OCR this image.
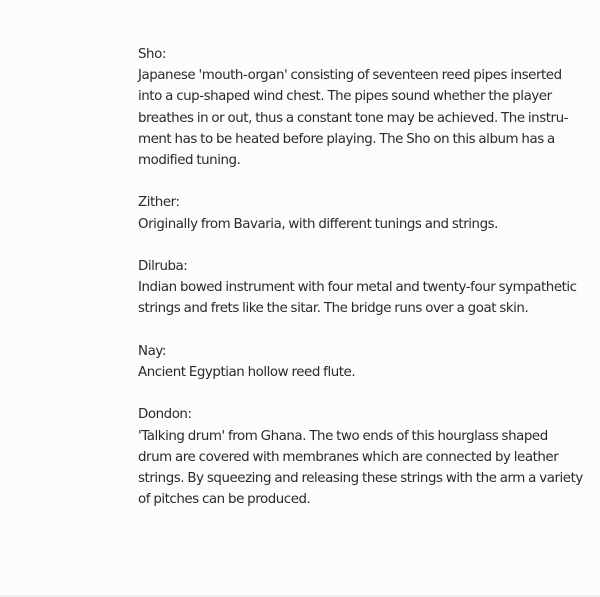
Sho:
Japanese 'mouth-organ' consisting of seventeen reed pipes inserted
into a cup-shaped wind chest. The pipes sound whether the player
breathes in or out, thus a constant tone may be achieved. The instru-
ment has to be heated before playing. The Sho on this album has a
modified tuning.
Zither:
Originally from Bavaria, with different tunings and strings.
Dilruba:
Indian bowed instrument with four metal and twenty-four sympathetic
strings and frets like the sitar. The bridge runs over a goat skin.
Nay:
Ancient Egyptian hollow reed flute.
Dondon:
'Talking drum' from Ghana. The two ends of this hourglass shaped
drum are covered with membranes which are connected by leather
strings. By squeezing and releasing these strings with the arm a variety
of pitches can be produced.
